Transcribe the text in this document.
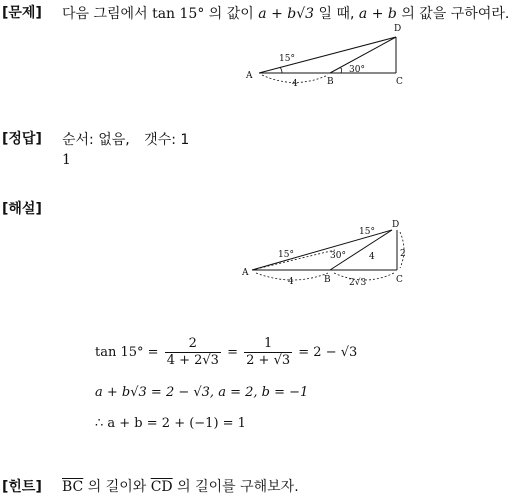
[문제] 다음 그림에서 tan 15° 의 값이 a + b√3 일 때, a + b 의 값을 구하여라.
A
B	C
D
15°
30°
4
[정답] 순서: 없음, 갯수: 1
1
[해설]
A
B	C
D
15°
15°
30°
4
4	2
2√3
$\tan 15^\circ = \frac{2}{4 + 2√3} = \frac{1}{2 + √3} = 2 - √3$
a + b√3 = 2 − √3, a = 2, b = −1
∴ a + b = 2 + (−1) = 1
[힌트] $\overline{BC}$ 의 길이와 $\overline{CD}$ 의 길이를 구해보자.
